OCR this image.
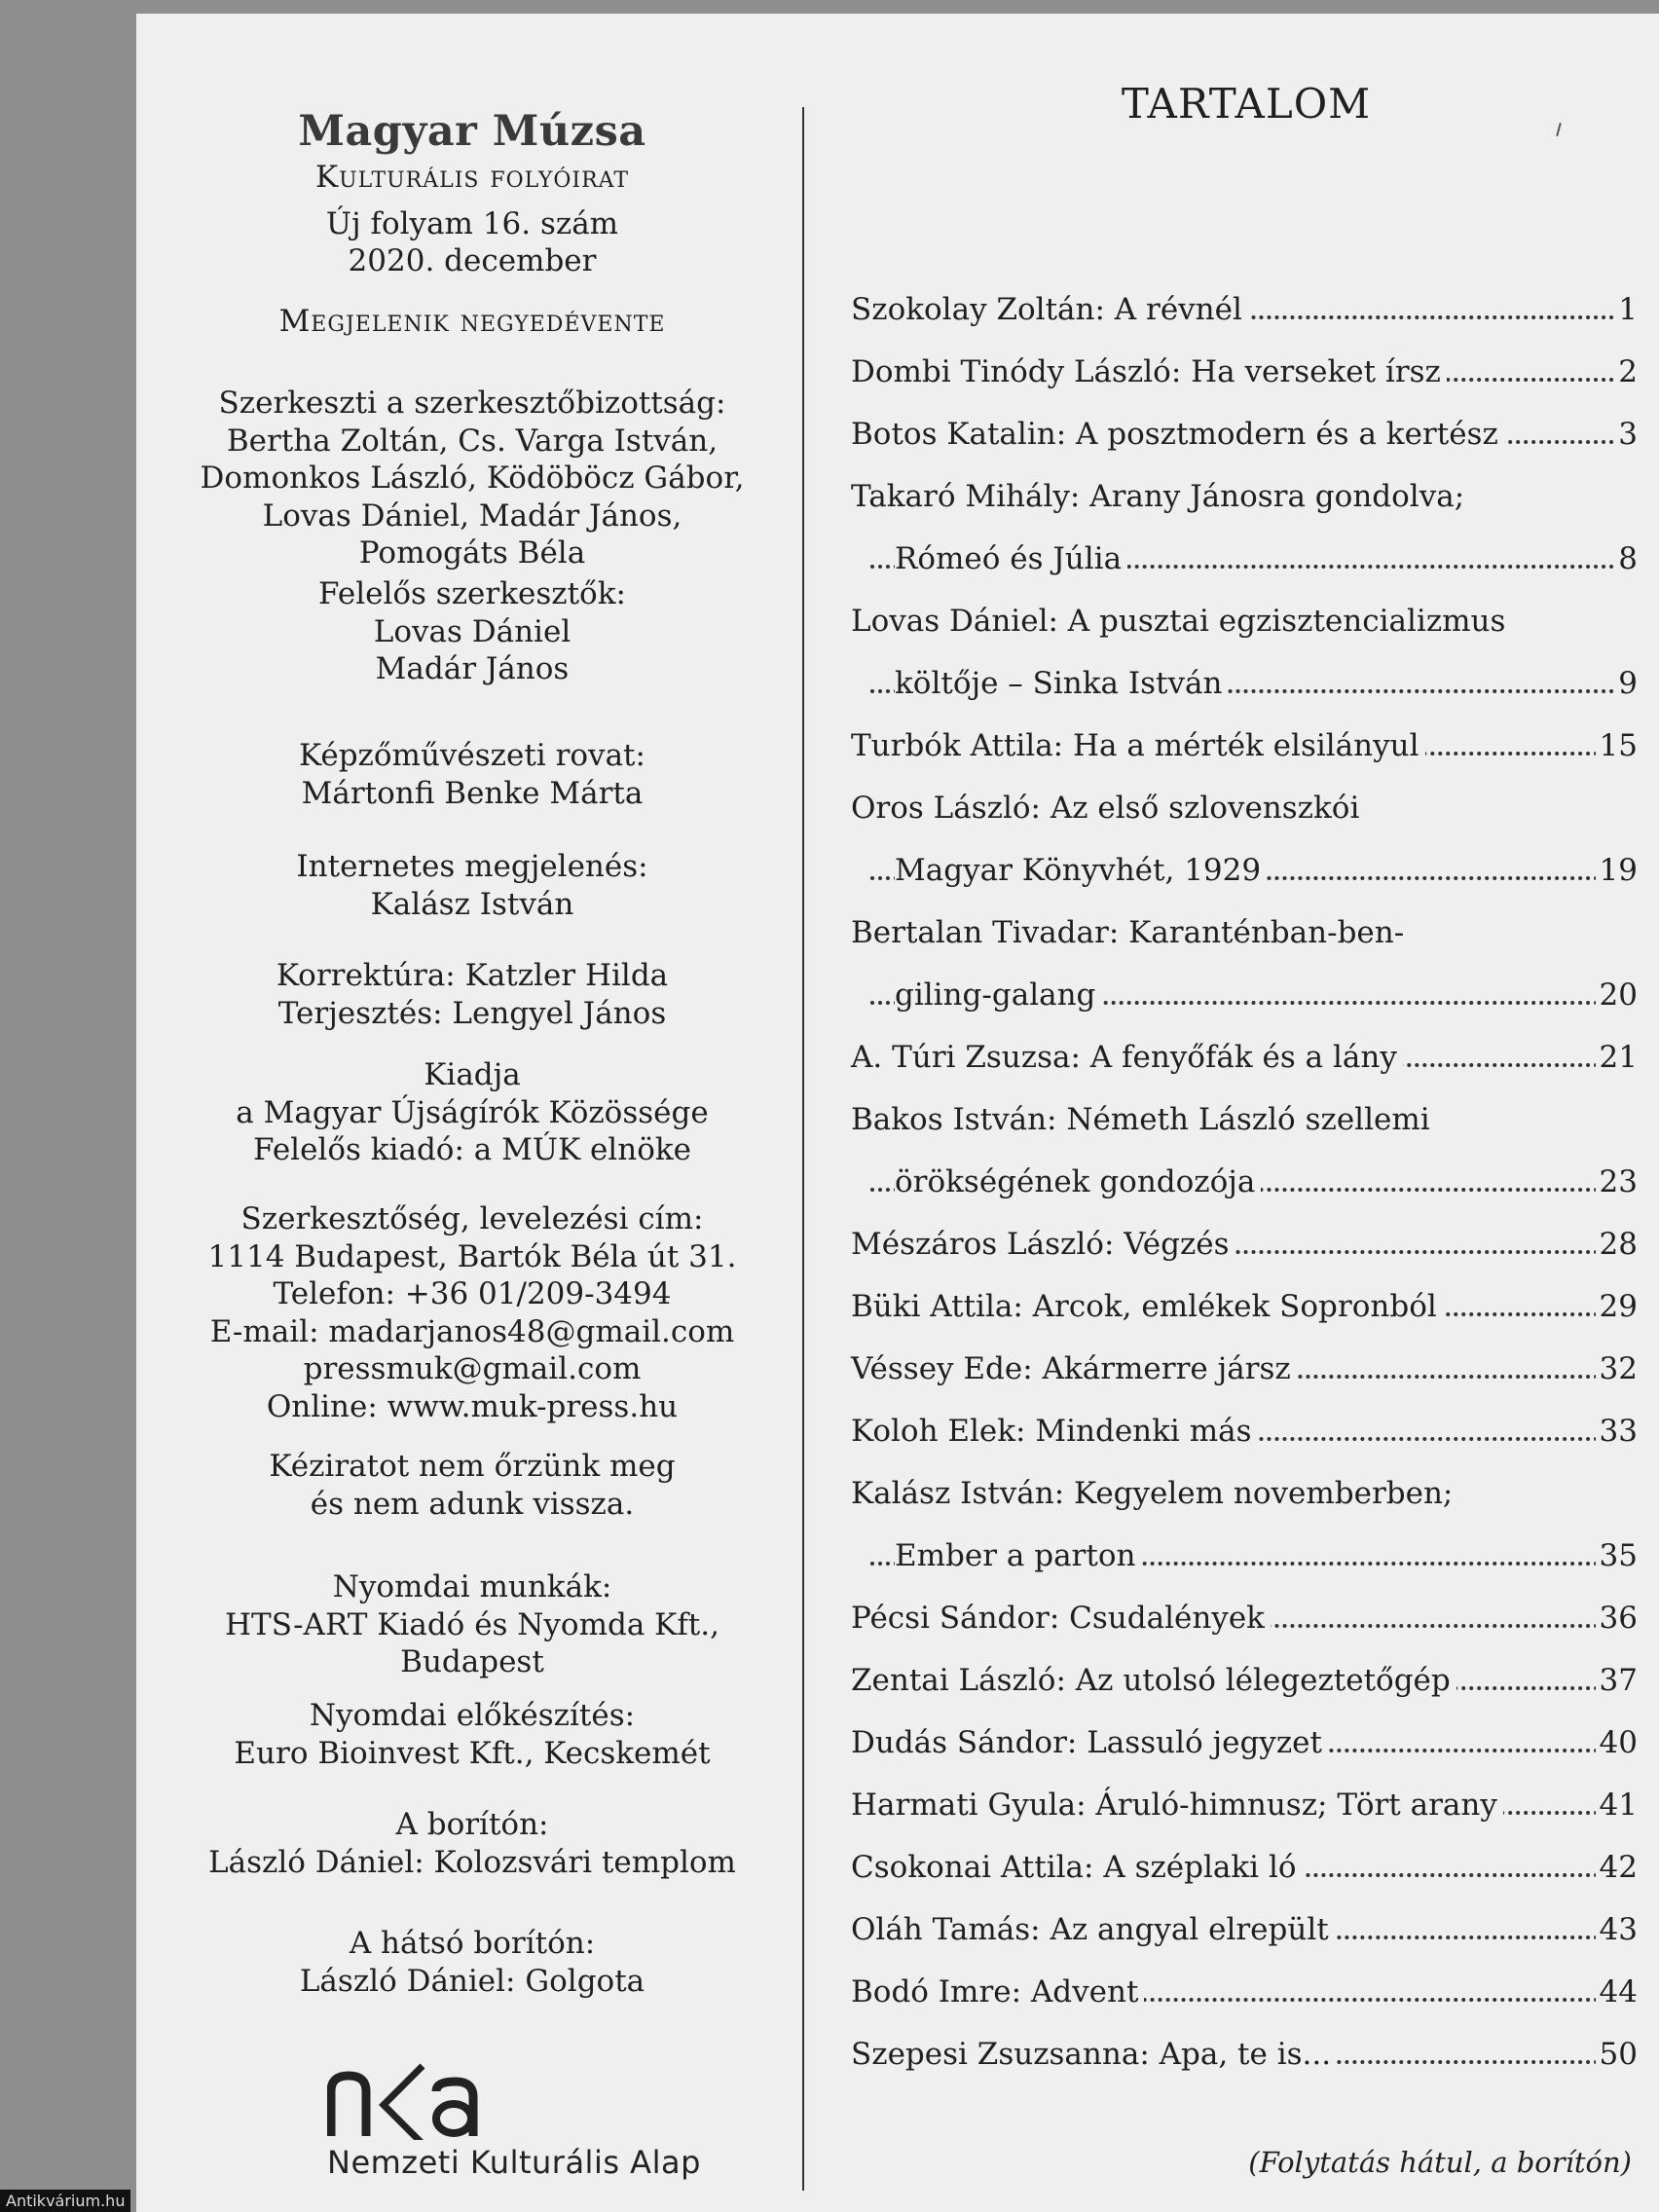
Magyar Múzsa
Kulturális folyóirat
Új folyam 16. szám
2020. december
Megjelenik negyedévente
Szerkeszti a szerkesztőbizottság:
Bertha Zoltán, Cs. Varga István,
Domonkos László, Ködöböcz Gábor,
Lovas Dániel, Madár János,
Pomogáts Béla
Felelős szerkesztők:
Lovas Dániel
Madár János
Képzőművészeti rovat:
Mártonfi Benke Márta
Internetes megjelenés:
Kalász István
Korrektúra: Katzler Hilda
Terjesztés: Lengyel János
Kiadja
a Magyar Újságírók Közössége
Felelős kiadó: a MÚK elnöke
Szerkesztőség, levelezési cím:
1114 Budapest, Bartók Béla út 31.
Telefon: +36 01/209-3494
E-mail: madarjanos48@gmail.com
pressmuk@gmail.com
Online: www.muk-press.hu
Kéziratot nem őrzünk meg
és nem adunk vissza.
Nyomdai munkák:
HTS-ART Kiadó és Nyomda Kft.,
Budapest
Nyomdai előkészítés:
Euro Bioinvest Kft., Kecskemét
A borítón:
László Dániel: Kolozsvári templom
A hátsó borítón:
László Dániel: Golgota
Nemzeti Kulturális Alap
TARTALOM
Szokolay Zoltán: A révnél	1
Dombi Tinódy László: Ha verseket írsz	2
Botos Katalin: A posztmodern és a kertész	3
Takaró Mihály: Arany Jánosra gondolva;
Rómeó és Júlia	8
Lovas Dániel: A pusztai egzisztencializmus
költője – Sinka István	9
Turbók Attila: Ha a mérték elsilányul	15
Oros László: Az első szlovenszkói
Magyar Könyvhét, 1929	19
Bertalan Tivadar: Karanténban-ben-
giling-galang	20
A. Túri Zsuzsa: A fenyőfák és a lány	21
Bakos István: Németh László szellemi
örökségének gondozója	23
Mészáros László: Végzés	28
Büki Attila: Arcok, emlékek Sopronból	29
Véssey Ede: Akármerre jársz	32
Koloh Elek: Mindenki más	33
Kalász István: Kegyelem novemberben;
Ember a parton	35
Pécsi Sándor: Csudalények	36
Zentai László: Az utolsó lélegeztetőgép	37
Dudás Sándor: Lassuló jegyzet	40
Harmati Gyula: Áruló-himnusz; Tört arany	41
Csokonai Attila: A széplaki ló	42
Oláh Tamás: Az angyal elrepült	43
Bodó Imre: Advent	44
Szepesi Zsuzsanna: Apa, te is...	50
(Folytatás hátul, a borítón)
Antikvárium.hu
